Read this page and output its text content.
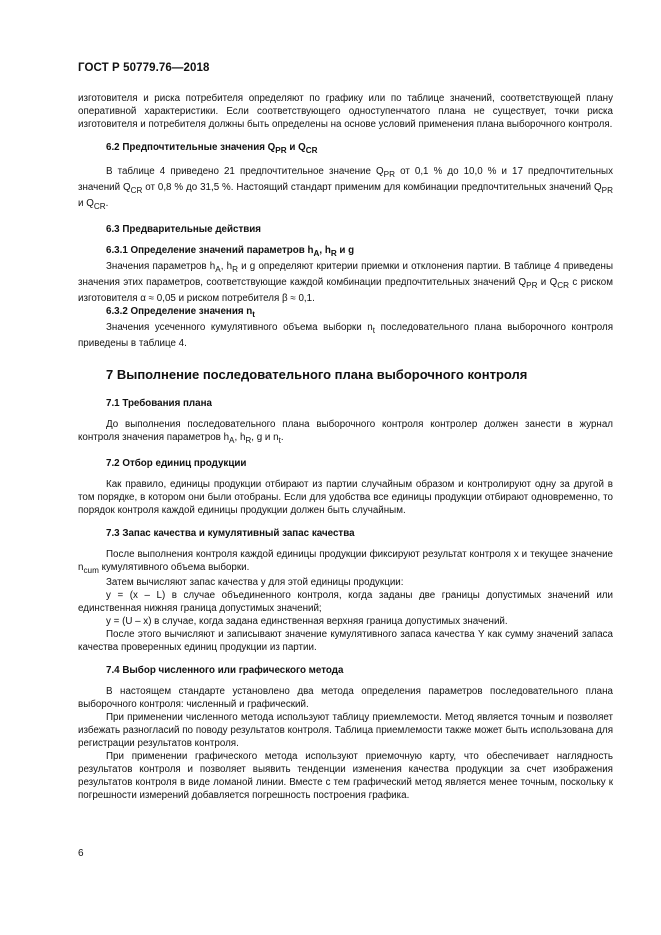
ГОСТ Р 50779.76—2018

изготовителя и риска потребителя определяют по графику или по таблице значений, соответствующей плану оперативной характеристики. Если соответствующего одноступенчатого плана не существует, точки риска изготовителя и потребителя должны быть определены на основе условий применения плана выборочного контроля.

6.2 Предпочтительные значения $Q_{PR}$ и $Q_{CR}$

В таблице 4 приведено 21 предпочтительное значение $Q_{PR}$ от 0,1 % до 10,0 % и 17 предпочтительных значений $Q_{CR}$ от 0,8 % до 31,5 %. Настоящий стандарт применим для комбинации предпочтительных значений $Q_{PR}$ и $Q_{CR}$.

6.3 Предварительные действия

6.3.1 Определение значений параметров $h_A$, $h_R$ и g

Значения параметров $h_A$, $h_R$ и g определяют критерии приемки и отклонения партии. В таблице 4 приведены значения этих параметров, соответствующие каждой комбинации предпочтительных значений $Q_{PR}$ и $Q_{CR}$ с риском изготовителя α ≈ 0,05 и риском потребителя β ≈ 0,1.

6.3.2 Определение значения $n_t$

Значения усеченного кумулятивного объема выборки $n_t$ последовательного плана выборочного контроля приведены в таблице 4.

7 Выполнение последовательного плана выборочного контроля

7.1 Требования плана

До выполнения последовательного плана выборочного контроля контролер должен занести в журнал контроля значения параметров $h_A$, $h_R$, g и $n_t$.

7.2 Отбор единиц продукции

Как правило, единицы продукции отбирают из партии случайным образом и контролируют одну за другой в том порядке, в котором они были отобраны. Если для удобства все единицы продукции отбирают одновременно, то порядок контроля каждой единицы продукции должен быть случайным.

7.3 Запас качества и кумулятивный запас качества

После выполнения контроля каждой единицы продукции фиксируют результат контроля x и текущее значение $n_{cum}$ кумулятивного объема выборки.

Затем вычисляют запас качества y для этой единицы продукции:

y = (x – L) в случае объединенного контроля, когда заданы две границы допустимых значений или единственная нижняя граница допустимых значений;

y = (U – x) в случае, когда задана единственная верхняя граница допустимых значений.

После этого вычисляют и записывают значение кумулятивного запаса качества Y как сумму значений запаса качества проверенных единиц продукции из партии.

7.4 Выбор численного или графического метода

В настоящем стандарте установлено два метода определения параметров последовательного плана выборочного контроля: численный и графический.

При применении численного метода используют таблицу приемлемости. Метод является точным и позволяет избежать разногласий по поводу результатов контроля. Таблица приемлемости также может быть использована для регистрации результатов контроля.

При применении графического метода используют приемочную карту, что обеспечивает наглядность результатов контроля и позволяет выявить тенденции изменения качества продукции за счет изображения результатов контроля в виде ломаной линии. Вместе с тем графический метод является менее точным, поскольку к погрешности измерений добавляется погрешность построения графика.

6
